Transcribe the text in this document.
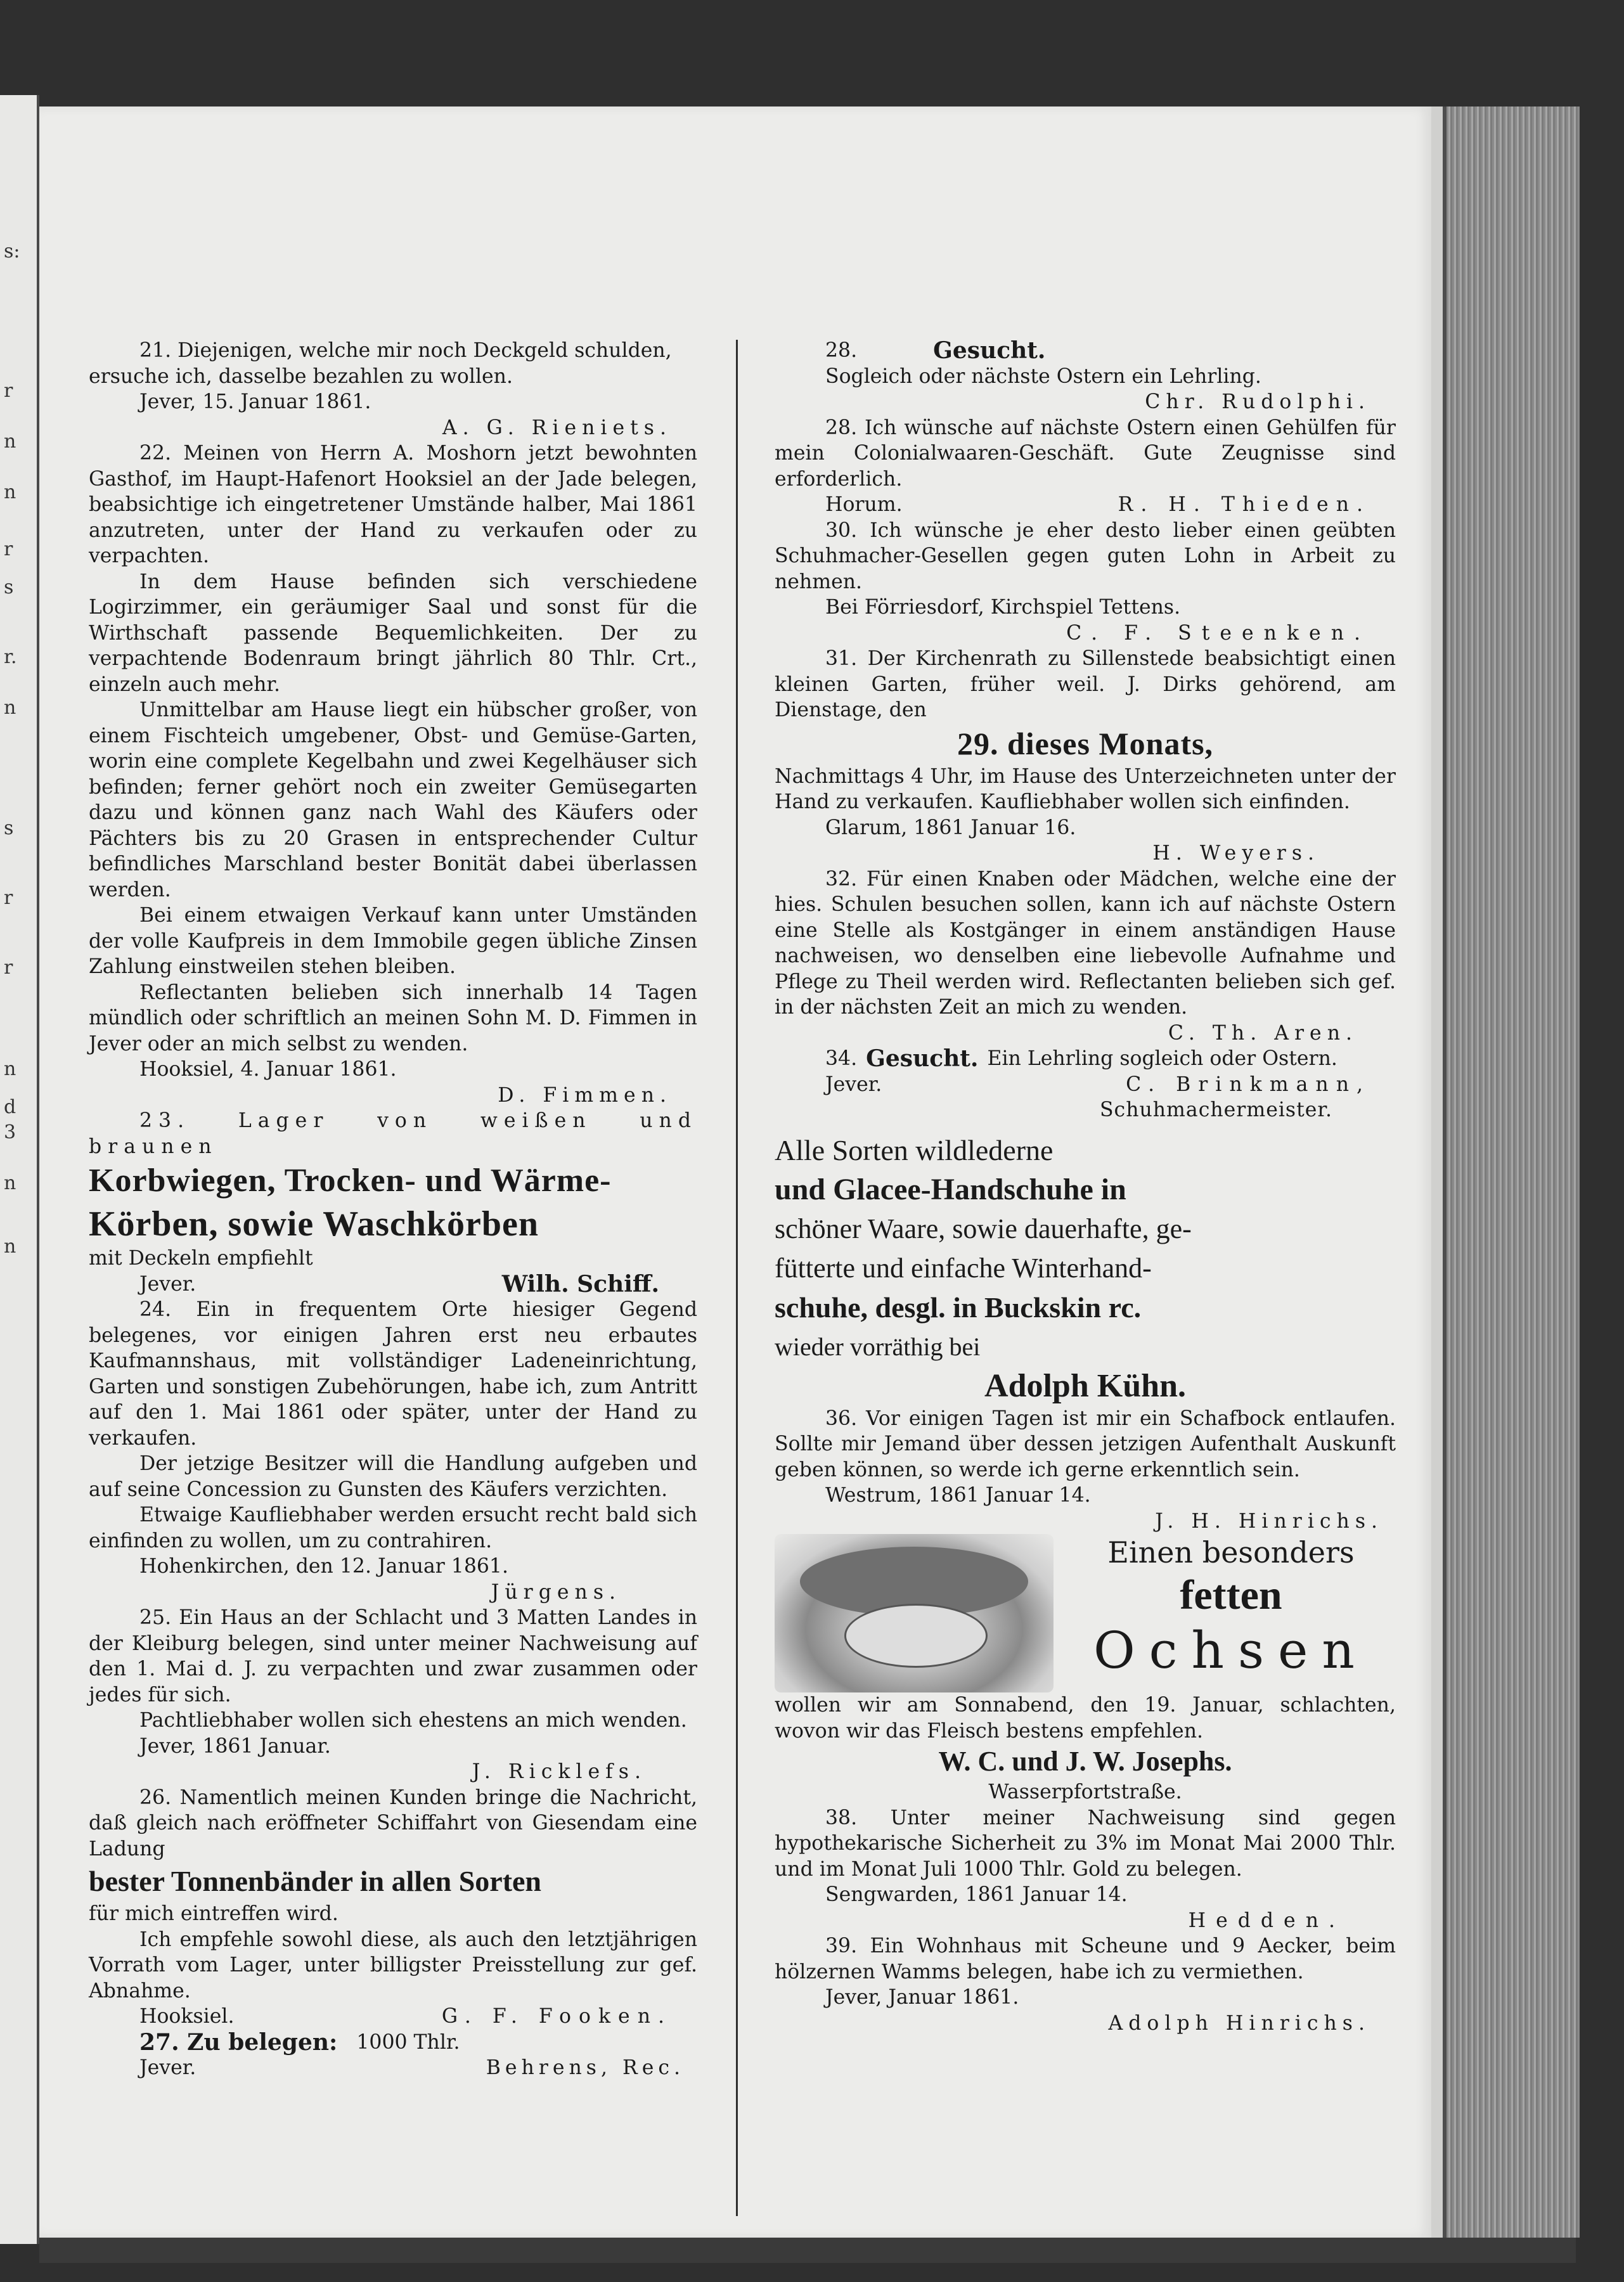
s:
r
n
n
r
s
r.
n
s
r
r
n
d
3
n
n

21. Diejenigen, welche mir noch Deckgeld schulden,

ersuche ich, dasselbe bezahlen zu wollen.

Jever, 15. Januar 1861.

A. G. Rieniets.

22. Meinen von Herrn A. Moshorn jetzt bewohnten Gasthof, im Haupt-Hafenort Hooksiel an der Jade belegen, beabsichtige ich eingetretener Umstände halber, Mai 1861 anzutreten, unter der Hand zu verkaufen oder zu verpachten.

In dem Hause befinden sich verschiedene Logirzimmer, ein geräumiger Saal und sonst für die Wirthschaft passende Bequemlichkeiten. Der zu verpachtende Bodenraum bringt jährlich 80 Thlr. Crt., einzeln auch mehr.

Unmittelbar am Hause liegt ein hübscher großer, von einem Fischteich umgebener, Obst- und Gemüse-Garten, worin eine complete Kegelbahn und zwei Kegelhäuser sich befinden; ferner gehört noch ein zweiter Gemüsegarten dazu und können ganz nach Wahl des Käufers oder Pächters bis zu 20 Grasen in entsprechender Cultur befindliches Marschland bester Bonität dabei überlassen werden.

Bei einem etwaigen Verkauf kann unter Umständen der volle Kaufpreis in dem Immobile gegen übliche Zinsen Zahlung einstweilen stehen bleiben.

Reflectanten belieben sich innerhalb 14 Tagen mündlich oder schriftlich an meinen Sohn M. D. Fimmen in Jever oder an mich selbst zu wenden.

Hooksiel, 4. Januar 1861.

D. Fimmen.

23. Lager von weißen und braunen

Korbwiegen, Trocken- und Wärme-

Körben, sowie Waschkörben

mit Deckeln empfiehlt

Jever.	Wilh. Schiff.

24. Ein in frequentem Orte hiesiger Gegend belegenes, vor einigen Jahren erst neu erbautes Kaufmannshaus, mit vollständiger Ladeneinrichtung, Garten und sonstigen Zubehörungen, habe ich, zum Antritt auf den 1. Mai 1861 oder später, unter der Hand zu verkaufen.

Der jetzige Besitzer will die Handlung aufgeben und auf seine Concession zu Gunsten des Käufers verzichten.

Etwaige Kaufliebhaber werden ersucht recht bald sich einfinden zu wollen, um zu contrahiren.

Hohenkirchen, den 12. Januar 1861.

Jürgens.

25. Ein Haus an der Schlacht und 3 Matten Landes in der Kleiburg belegen, sind unter meiner Nachweisung auf den 1. Mai d. J. zu verpachten und zwar zusammen oder jedes für sich.

Pachtliebhaber wollen sich ehestens an mich wenden.

Jever, 1861 Januar.

J. Ricklefs.

26. Namentlich meinen Kunden bringe die Nachricht, daß gleich nach eröffneter Schiffahrt von Giesendam eine Ladung

bester Tonnenbänder in allen Sorten

für mich eintreffen wird.

Ich empfehle sowohl diese, als auch den letztjährigen Vorrath vom Lager, unter billigster Preisstellung zur gef. Abnahme.

Hooksiel.	G. F. Fooken.
27. Zu belegen: 1000 Thlr.
Jever.	Behrens, Rec.
28.	Gesucht.

Sogleich oder nächste Ostern ein Lehrling.

Chr. Rudolphi.

28. Ich wünsche auf nächste Ostern einen Gehülfen für mein Colonialwaaren-Geschäft. Gute Zeugnisse sind erforderlich.

Horum.	R. H. Thieden.

30. Ich wünsche je eher desto lieber einen geübten Schuhmacher-Gesellen gegen guten Lohn in Arbeit zu nehmen.

Bei Förriesdorf, Kirchspiel Tettens.

C. F. Steenken.

31. Der Kirchenrath zu Sillenstede beabsichtigt einen kleinen Garten, früher weil. J. Dirks gehörend, am Dienstage, den

29. dieses Monats,

Nachmittags 4 Uhr, im Hause des Unterzeichneten unter der Hand zu verkaufen. Kaufliebhaber wollen sich einfinden.

Glarum, 1861 Januar 16.

H. Weyers.

32. Für einen Knaben oder Mädchen, welche eine der hies. Schulen besuchen sollen, kann ich auf nächste Ostern eine Stelle als Kostgänger in einem anständigen Hause nachweisen, wo denselben eine liebevolle Aufnahme und Pflege zu Theil werden wird. Reflectanten belieben sich gef. in der nächsten Zeit an mich zu wenden.

C. Th. Aren.

34. Gesucht. Ein Lehrling sogleich oder Ostern.
Jever.	C. Brinkmann,

Schuhmachermeister.

Alle Sorten wildlederne

und Glacee-Handschuhe in

schöner Waare, sowie dauerhafte, ge-

fütterte und einfache Winterhand-

schuhe, desgl. in Buckskin rc.

wieder vorräthig bei

Adolph Kühn.

36. Vor einigen Tagen ist mir ein Schafbock entlaufen. Sollte mir Jemand über dessen jetzigen Aufenthalt Auskunft geben können, so werde ich gerne erkenntlich sein.

Westrum, 1861 Januar 14.

J. H. Hinrichs.

Einen besonders

fetten

Ochsen

wollen wir am Sonnabend, den 19. Januar, schlachten, wovon wir das Fleisch bestens empfehlen.

W. C. und J. W. Josephs.

Wasserpfortstraße.

38. Unter meiner Nachweisung sind gegen hypothekarische Sicherheit zu 3% im Monat Mai 2000 Thlr. und im Monat Juli 1000 Thlr. Gold zu belegen.

Sengwarden, 1861 Januar 14.

Hedden.

39. Ein Wohnhaus mit Scheune und 9 Aecker, beim hölzernen Wamms belegen, habe ich zu vermiethen.

Jever, Januar 1861.

Adolph Hinrichs.
